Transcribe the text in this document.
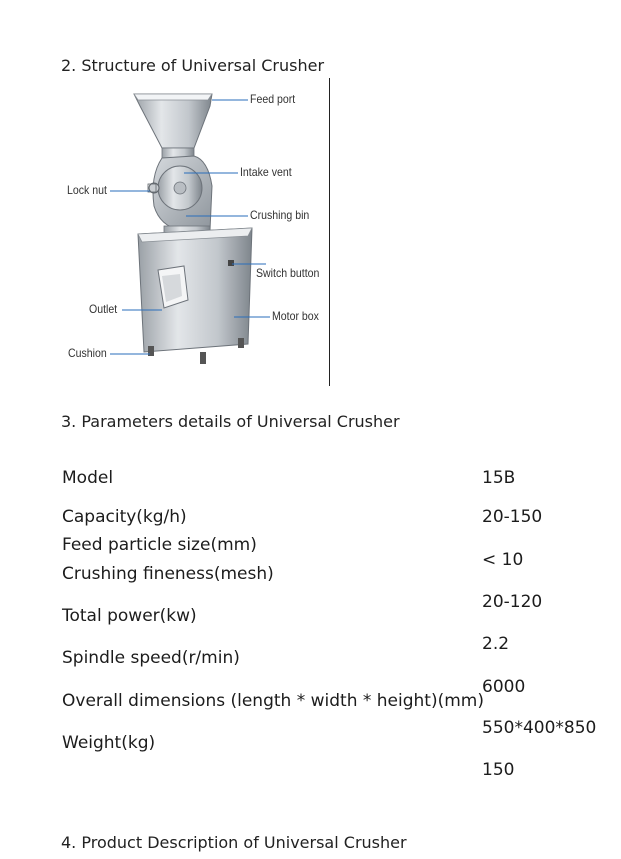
2. Structure of Universal Crusher
Feed port
Intake vent
Lock nut
Crushing bin
Switch button
Outlet	Motor box
Cushion
3. Parameters details of Universal Crusher
Model
Capacity(kg/h)
Feed particle size(mm)
Crushing fineness(mesh)
Total power(kw)
Spindle speed(r/min)
Overall dimensions (length * width * height)(mm)
Weight(kg)
15B
20-150
< 10
20-120
2.2
6000
550*400*850
150
4. Product Description of Universal Crusher
